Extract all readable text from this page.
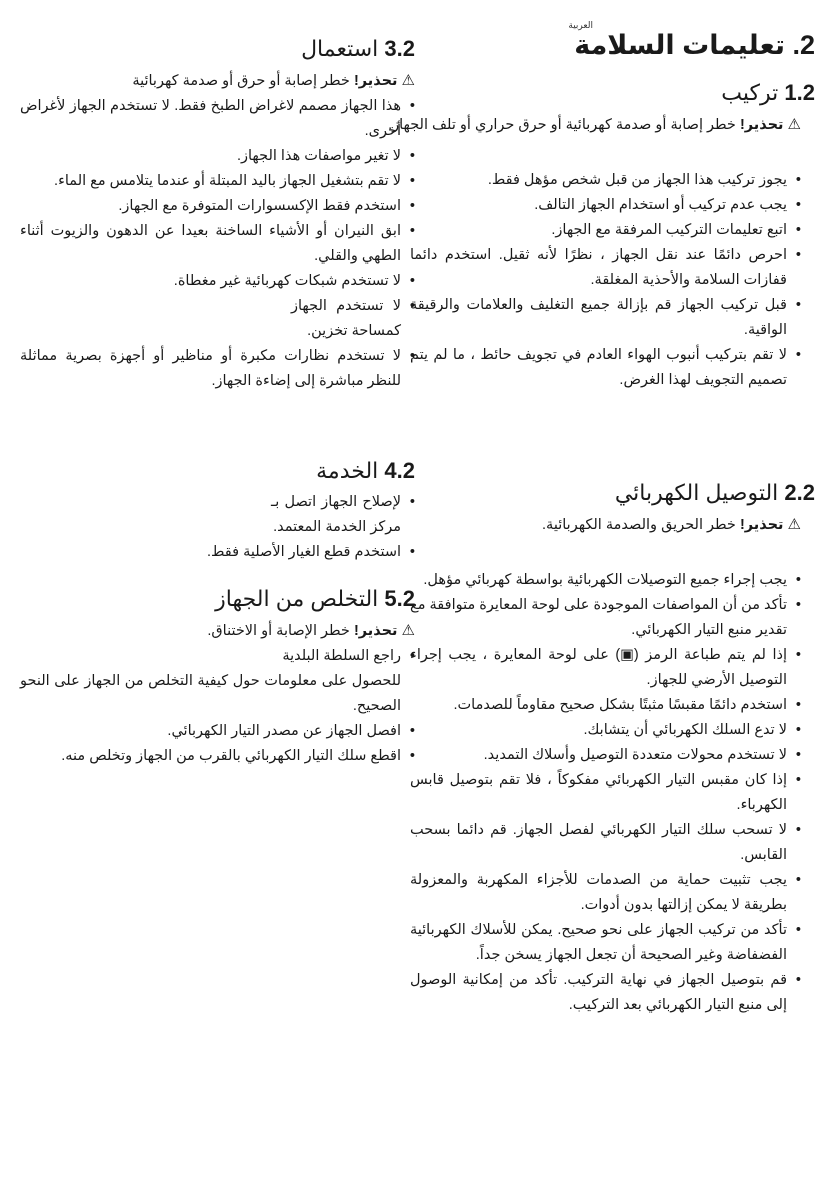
العربية
2. تعليمات السلامة
1.2 تركيب
⚠ تحذير! خطر إصابة أو صدمة كهربائية أو حرق حراري أو تلف الجهاز.
• يجوز تركيب هذا الجهاز من قبل شخص مؤهل فقط.
• يجب عدم تركيب أو استخدام الجهاز التالف.
• اتبع تعليمات التركيب المرفقة مع الجهاز.
• احرص دائمًا عند نقل الجهاز ، نظرًا لأنه ثقيل. استخدم دائما قفازات السلامة والأحذية المغلقة.
• قبل تركيب الجهاز قم بإزالة جميع التغليف والعلامات والرقيقة الواقية.
• لا تقم بتركيب أنبوب الهواء العادم في تجويف حائط ، ما لم يتم تصميم التجويف لهذا الغرض.
2.2 التوصيل الكهربائي
⚠ تحذير! خطر الحريق والصدمة الكهربائية.
• يجب إجراء جميع التوصيلات الكهربائية بواسطة كهربائي مؤهل.
• تأكد من أن المواصفات الموجودة على لوحة المعايرة متوافقة مع تقدير منبع التيار الكهربائي.
• إذا لم يتم طباعة الرمز (▣) على لوحة المعايرة ، يجب إجراء التوصيل الأرضي للجهاز.
• استخدم دائمًا مقبسًا مثبتًا بشكل صحيح مقاوماً للصدمات.
• لا تدع السلك الكهربائي أن يتشابك.
• لا تستخدم محولات متعددة التوصيل وأسلاك التمديد.
• إذا كان مقبس التيار الكهربائي مفكوكاً ، فلا تقم بتوصيل قابس الكهرباء.
• لا تسحب سلك التيار الكهربائي لفصل الجهاز. قم دائما بسحب القابس.
• يجب تثبيت حماية من الصدمات للأجزاء المكهربة والمعزولة بطريقة لا يمكن إزالتها بدون أدوات.
• تأكد من تركيب الجهاز على نحو صحيح. يمكن للأسلاك الكهربائية الفضفاضة وغير الصحيحة أن تجعل الجهاز يسخن جداً.
• قم بتوصيل الجهاز في نهاية التركيب. تأكد من إمكانية الوصول إلى منبع التيار الكهربائي بعد التركيب.
3.2 استعمال
⚠ تحذير! خطر إصابة أو حرق أو صدمة كهربائية
• هذا الجهاز مصمم لاغراض الطبخ فقط. لا تستخدم الجهاز لأغراض أخرى.
• لا تغير مواصفات هذا الجهاز.
• لا تقم بتشغيل الجهاز باليد المبتلة أو عندما يتلامس مع الماء.
• استخدم فقط الإكسسوارات المتوفرة مع الجهاز.
• ابق النيران أو الأشياء الساخنة بعيدا عن الدهون والزيوت أثناء الطهي والقلي.
• لا تستخدم شبكات كهربائية غير مغطاة.
• لا تستخدم الجهاز كمساحة تخزين.
• لا تستخدم نظارات مكبرة أو مناظير أو أجهزة بصرية مماثلة للنظر مباشرة إلى إضاءة الجهاز.
4.2 الخدمة
• لإصلاح الجهاز اتصل بـ مركز الخدمة المعتمد.
• استخدم قطع الغيار الأصلية فقط.
5.2 التخلص من الجهاز
⚠ تحذير! خطر الإصابة أو الاختناق.
• راجع السلطة البلدية
للحصول على معلومات حول كيفية التخلص من الجهاز على النحو الصحيح.
• افصل الجهاز عن مصدر التيار الكهربائي.
• اقطع سلك التيار الكهربائي بالقرب من الجهاز وتخلص منه.
